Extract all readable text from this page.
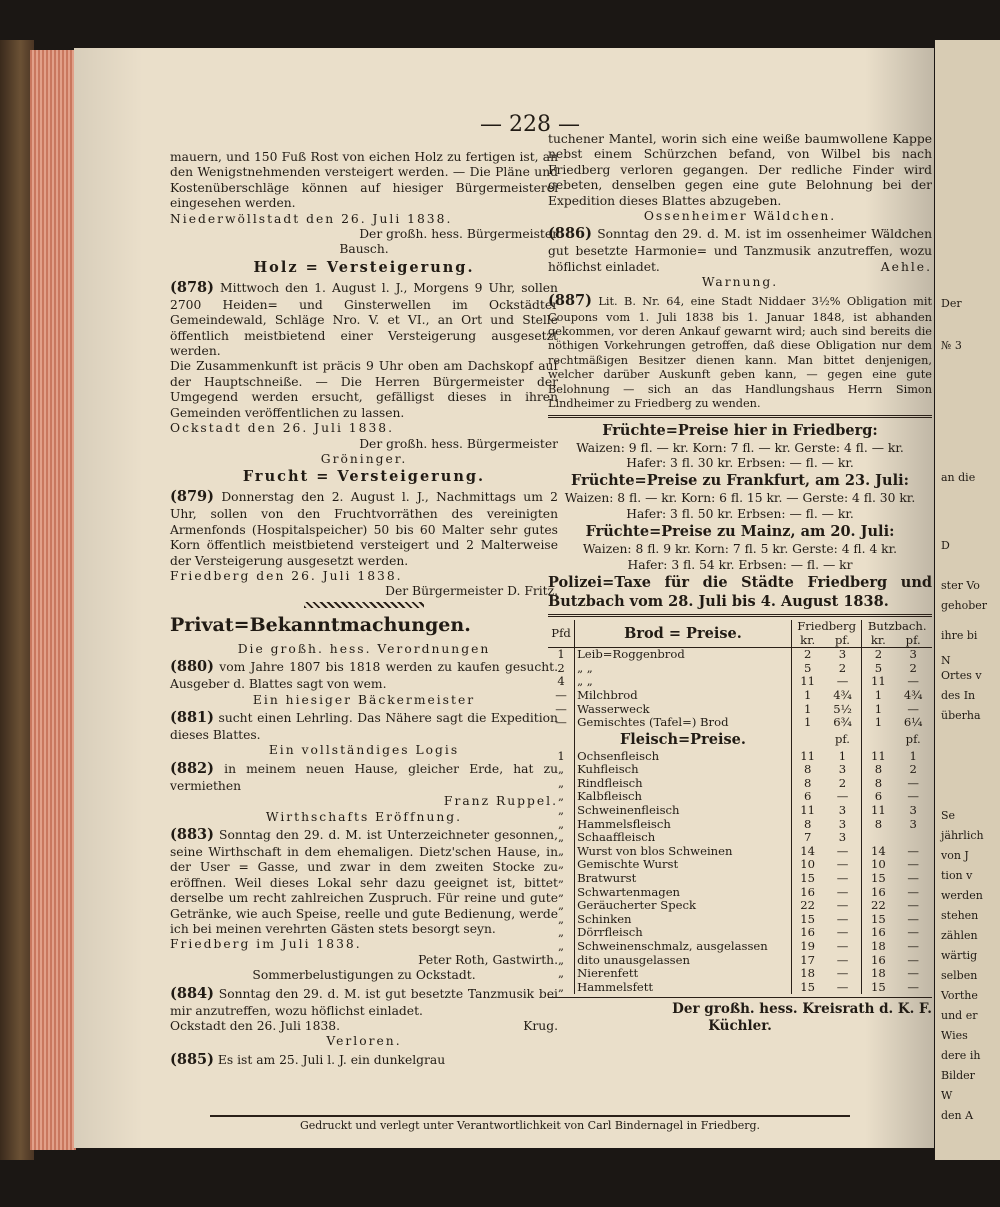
Der
№ 3
an die
D
ster Vo
gehober
ihre bi
N
Ortes v
des In
überha
Se
jährlich
von J
tion v
werden
stehen
zählen
wärtig
selben
Vorthe
und er
Wies
dere ih
Bilder
W
den A
— 228 —

mauern, und 150 Fuß Rost von eichen Holz zu fertigen ist, an den Wenigstnehmenden versteigert werden. — Die Pläne und Kostenüberschläge können auf hiesiger Bürgermeisterei eingesehen werden.

Niederwöllstadt den 26. Juli 1838.

Der großh. hess. Bürgermeister

Bausch.

Holz = Versteigerung.

(878) Mittwoch den 1. August l. J., Morgens 9 Uhr, sollen 2700 Heiden= und Ginsterwellen im Ockstädter Gemeindewald, Schläge Nro. V. et VI., an Ort und Stelle öffentlich meistbietend einer Versteigerung ausgesetzt werden.

Die Zusammenkunft ist präcis 9 Uhr oben am Dachskopf auf der Hauptschneiße. — Die Herren Bürgermeister der Umgegend werden ersucht, gefälligst dieses in ihren Gemeinden veröffentlichen zu lassen.

Ockstadt den 26. Juli 1838.

Der großh. hess. Bürgermeister

Gröninger.

Frucht = Versteigerung.

(879) Donnerstag den 2. August l. J., Nachmittags um 2 Uhr, sollen von den Fruchtvorräthen des vereinigten Armenfonds (Hospitalspeicher) 50 bis 60 Malter sehr gutes Korn öffentlich meistbietend versteigert und 2 Malterweise der Versteigerung ausgesetzt werden.

Friedberg den 26. Juli 1838.

Der Bürgermeister D. Fritz.

Privat=Bekanntmachungen.

Die großh. hess. Verordnungen

(880) vom Jahre 1807 bis 1818 werden zu kaufen gesucht. Ausgeber d. Blattes sagt von wem.

Ein hiesiger Bäckermeister

(881) sucht einen Lehrling. Das Nähere sagt die Expedition dieses Blattes.

Ein vollständiges Logis

(882) in meinem neuen Hause, gleicher Erde, hat zu vermiethen

Franz Ruppel.

Wirthschafts Eröffnung.

(883) Sonntag den 29. d. M. ist Unterzeichneter gesonnen, seine Wirthschaft in dem ehemaligen. Dietz'schen Hause, in der User = Gasse, und zwar in dem zweiten Stocke zu eröffnen. Weil dieses Lokal sehr dazu geeignet ist, bittet derselbe um recht zahlreichen Zuspruch. Für reine und gute Getränke, wie auch Speise, reelle und gute Bedienung, werde ich bei meinen verehrten Gästen stets besorgt seyn.

Friedberg im Juli 1838.

Peter Roth, Gastwirth.

Sommerbelustigungen zu Ockstadt.

(884) Sonntag den 29. d. M. ist gut besetzte Tanzmusik bei mir anzutreffen, wozu höflichst einladet.

Ockstadt den 26. Juli 1838.	Krug.

Verloren.

(885) Es ist am 25. Juli l. J. ein dunkelgrau

tuchener Mantel, worin sich eine weiße baumwollene Kappe nebst einem Schürzchen befand, von Wilbel bis nach Friedberg verloren gegangen. Der redliche Finder wird gebeten, denselben gegen eine gute Belohnung bei der Expedition dieses Blattes abzugeben.

Ossenheimer Wäldchen.

(886) Sonntag den 29. d. M. ist im ossenheimer Wäldchen gut besetzte Harmonie= und Tanzmusik anzutreffen, wozu höflichst einladet.	Aehle.

Warnung.

(887) Lit. B. Nr. 64, eine Stadt Niddaer 3½% Obligation mit Coupons vom 1. Juli 1838 bis 1. Januar 1848, ist abhanden gekommen, vor deren Ankauf gewarnt wird; auch sind bereits die nöthigen Vorkehrungen getroffen, daß diese Obligation nur dem rechtmäßigen Besitzer dienen kann. Man bittet denjenigen, welcher darüber Auskunft geben kann, — gegen eine gute Belohnung — sich an das Handlungshaus Herrn Simon Lindheimer zu Friedberg zu wenden.

Früchte=Preise hier in Friedberg:

Waizen: 9 fl. — kr. Korn: 7 fl. — kr. Gerste: 4 fl. — kr.

Hafer: 3 fl. 30 kr. Erbsen: — fl. — kr.

Früchte=Preise zu Frankfurt, am 23. Juli:

Waizen: 8 fl. — kr. Korn: 6 fl. 15 kr. — Gerste: 4 fl. 30 kr.

Hafer: 3 fl. 50 kr. Erbsen: — fl. — kr.

Früchte=Preise zu Mainz, am 20. Juli:

Waizen: 8 fl. 9 kr. Korn: 7 fl. 5 kr. Gerste: 4 fl. 4 kr.

Hafer: 3 fl. 54 kr. Erbsen: — fl. — kr

Polizei=Taxe für die Städte Friedberg und Butzbach vom 28. Juli bis 4. August 1838.

Pfd	Brod = Preise.	Friedberg		Butzbach.	
		kr.	pf.	kr.	pf.
1	Leib=Roggenbrod	2	3	2	3
2	„ „	5	2	5	2
4	„ „	11	—	11	—
—	Milchbrod	1	4¾	1	4¾
—	Wasserweck	1	5½	1	—
—	Gemischtes (Tafel=) Brod	1	6¾	1	6¼
	Fleisch=Preise.		pf.		pf.
1	Ochsenfleisch	11	1	11	1
„	Kuhfleisch	8	3	8	2
„	Rindfleisch	8	2	8	—
„	Kalbfleisch	6	—	6	—
„	Schweinenfleisch	11	3	11	3
„	Hammelsfleisch	8	3	8	3
„	Schaaffleisch	7	3		
„	Wurst von blos Schweinen	14	—	14	—
„	Gemischte Wurst	10	—	10	—
„	Bratwurst	15	—	15	—
„	Schwartenmagen	16	—	16	—
„	Geräucherter Speck	22	—	22	—
„	Schinken	15	—	15	—
„	Dörrfleisch	16	—	16	—
„	Schweinenschmalz, ausgelassen	19	—	18	—
„	dito unausgelassen	17	—	16	—
„	Nierenfett	18	—	18	—
„	Hammelsfett	15	—	15	—

Der großh. hess. Kreisrath d. K. F.

Küchler.

Gedruckt und verlegt unter Verantwortlichkeit von Carl Bindernagel in Friedberg.
